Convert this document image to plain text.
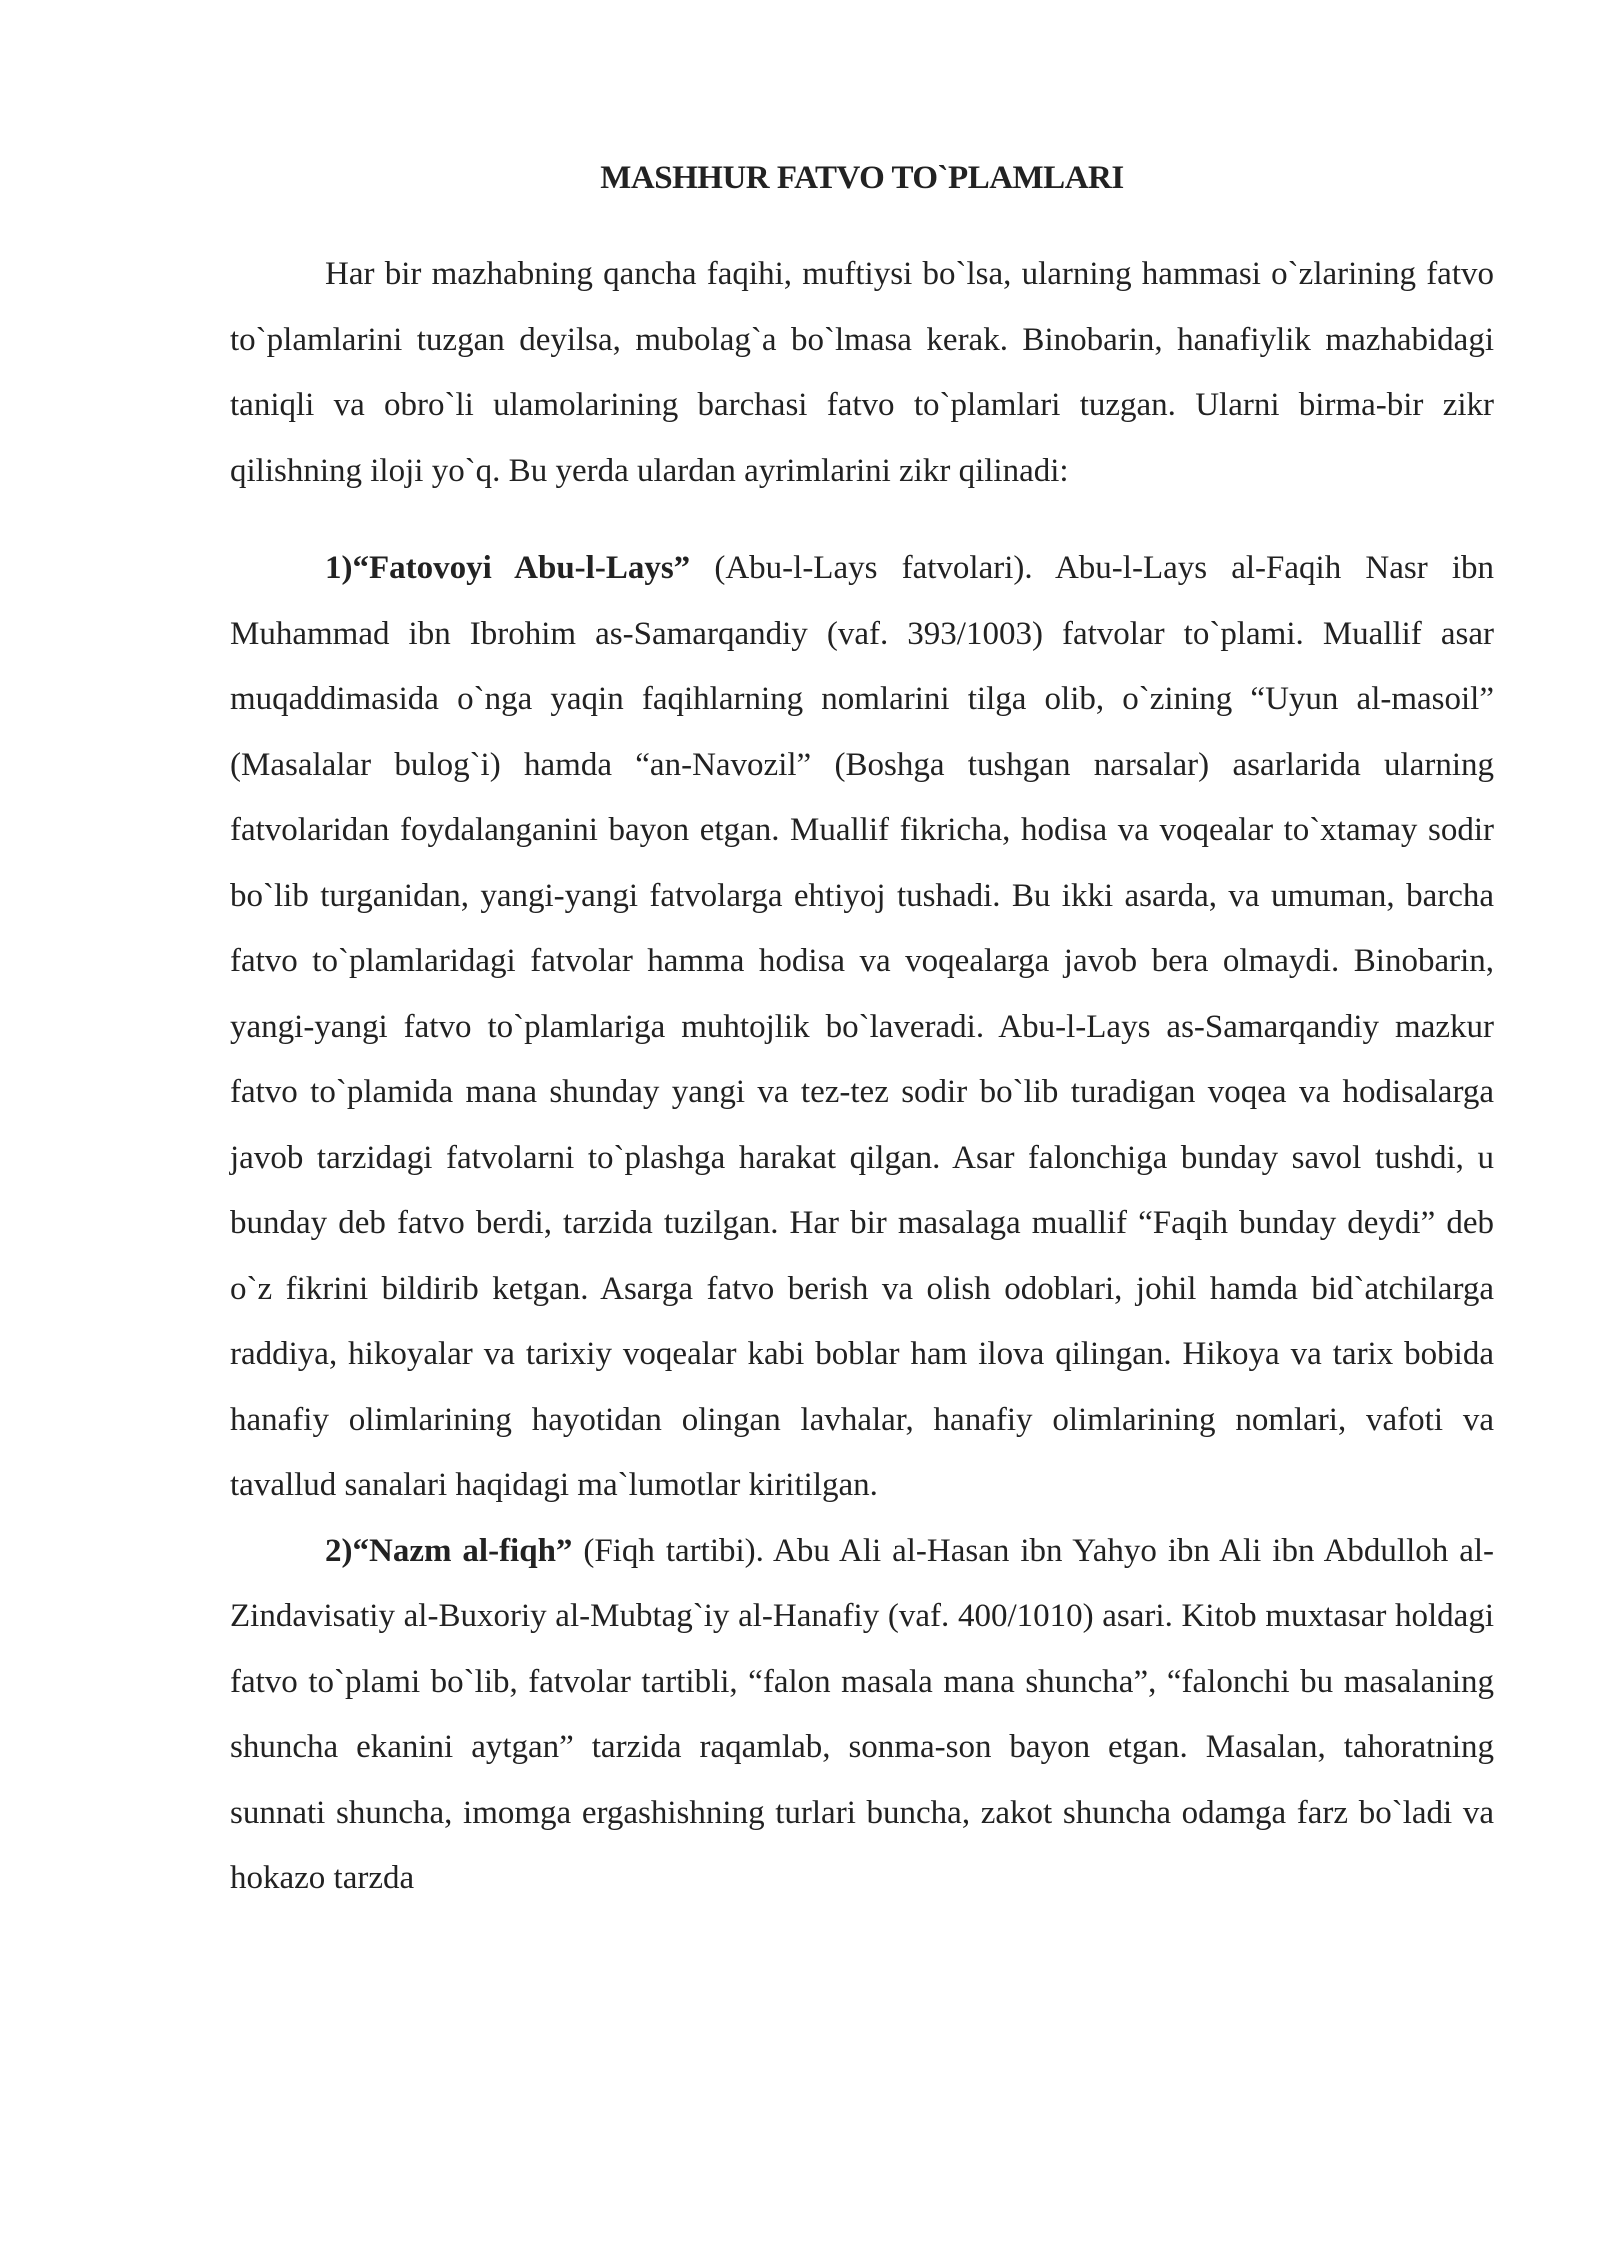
MASHHUR FATVO TO`PLAMLARI

Har bir mazhabning qancha faqihi, muftiysi bo`lsa, ularning hammasi o`zlarining fatvo to`plamlarini tuzgan deyilsa, mubolag`a bo`lmasa kerak. Binobarin, hanafiylik mazhabidagi taniqli va obro`li ulamolarining barchasi fatvo to`plamlari tuzgan. Ularni birma-bir zikr qilishning iloji yo`q. Bu yerda ulardan ayrimlarini zikr qilinadi:

1)“Fatovoyi Abu-l-Lays” (Abu-l-Lays fatvolari). Abu-l-Lays al-Faqih Nasr ibn Muhammad ibn Ibrohim as-Samarqandiy (vaf. 393/1003) fatvolar to`plami. Muallif asar muqaddimasida o`nga yaqin faqihlarning nomlarini tilga olib, o`zining “Uyun al-masoil” (Masalalar bulog`i) hamda “an-Navozil” (Boshga tushgan narsalar) asarlarida ularning fatvolaridan foydalanganini bayon etgan. Muallif fikricha, hodisa va voqealar to`xtamay sodir bo`lib turganidan, yangi-yangi fatvolarga ehtiyoj tushadi. Bu ikki asarda, va umuman, barcha fatvo to`plamlaridagi fatvolar hamma hodisa va voqealarga javob bera olmaydi. Binobarin, yangi-yangi fatvo to`plamlariga muhtojlik bo`laveradi. Abu-l-Lays as-Samarqandiy mazkur fatvo to`plamida mana shunday yangi va tez-tez sodir bo`lib turadigan voqea va hodisalarga javob tarzidagi fatvolarni to`plashga harakat qilgan. Asar falonchiga bunday savol tushdi, u bunday deb fatvo berdi, tarzida tuzilgan. Har bir masalaga muallif “Faqih bunday deydi” deb o`z fikrini bildirib ketgan. Asarga fatvo berish va olish odoblari, johil hamda bid`atchilarga raddiya, hikoyalar va tarixiy voqealar kabi boblar ham ilova qilingan. Hikoya va tarix bobida hanafiy olimlarining hayotidan olingan lavhalar, hanafiy olimlarining nomlari, vafoti va tavallud sanalari haqidagi ma`lumotlar kiritilgan.

2)“Nazm al-fiqh” (Fiqh tartibi). Abu Ali al-Hasan ibn Yahyo ibn Ali ibn Abdulloh al-Zindavisatiy al-Buxoriy al-Mubtag`iy al-Hanafiy (vaf. 400/1010) asari. Kitob muxtasar holdagi fatvo to`plami bo`lib, fatvolar tartibli, “falon masala mana shuncha”, “falonchi bu masalaning shuncha ekanini aytgan” tarzida raqamlab, sonma-son bayon etgan. Masalan, tahoratning sunnati shuncha, imomga ergashishning turlari buncha, zakot shuncha odamga farz bo`ladi va hokazo tarzda
